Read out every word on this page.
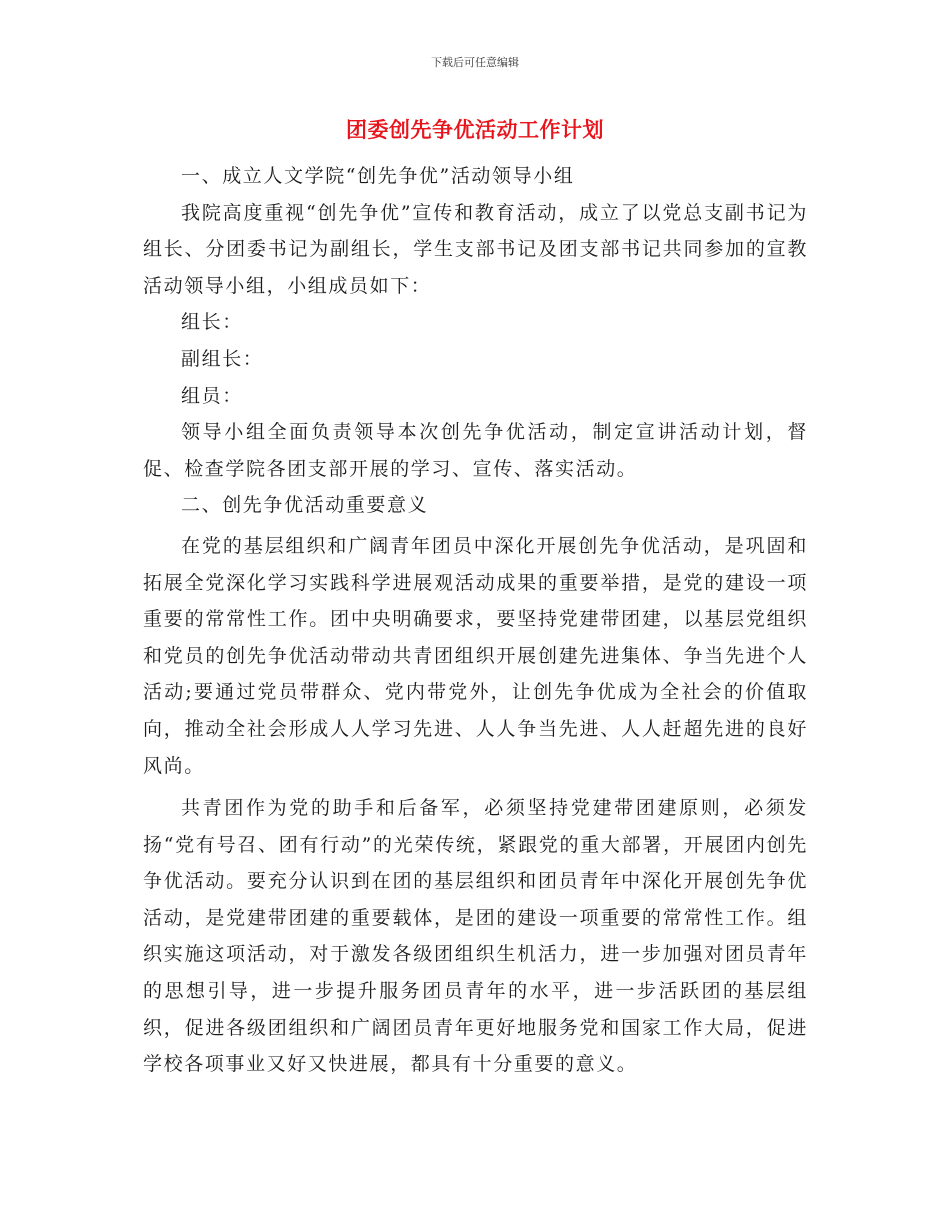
下载后可任意编辑
团委创先争优活动工作计划

一、成立人文学院“创先争优”活动领导小组

我院高度重视“创先争优”宣传和教育活动，成立了以党总支副书记为组长、分团委书记为副组长，学生支部书记及团支部书记共同参加的宣教活动领导小组，小组成员如下：

组长：

副组长：

组员：

领导小组全面负责领导本次创先争优活动，制定宣讲活动计划，督促、检查学院各团支部开展的学习、宣传、落实活动。

二、创先争优活动重要意义

在党的基层组织和广阔青年团员中深化开展创先争优活动，是巩固和拓展全党深化学习实践科学进展观活动成果的重要举措，是党的建设一项重要的常常性工作。团中央明确要求，要坚持党建带团建，以基层党组织和党员的创先争优活动带动共青团组织开展创建先进集体、争当先进个人活动;要通过党员带群众、党内带党外，让创先争优成为全社会的价值取向，推动全社会形成人人学习先进、人人争当先进、人人赶超先进的良好风尚。

共青团作为党的助手和后备军，必须坚持党建带团建原则，必须发扬“党有号召、团有行动”的光荣传统，紧跟党的重大部署，开展团内创先争优活动。要充分认识到在团的基层组织和团员青年中深化开展创先争优活动，是党建带团建的重要载体，是团的建设一项重要的常常性工作。组织实施这项活动，对于激发各级团组织生机活力，进一步加强对团员青年的思想引导，进一步提升服务团员青年的水平，进一步活跃团的基层组织，促进各级团组织和广阔团员青年更好地服务党和国家工作大局，促进学校各项事业又好又快进展，都具有十分重要的意义。
